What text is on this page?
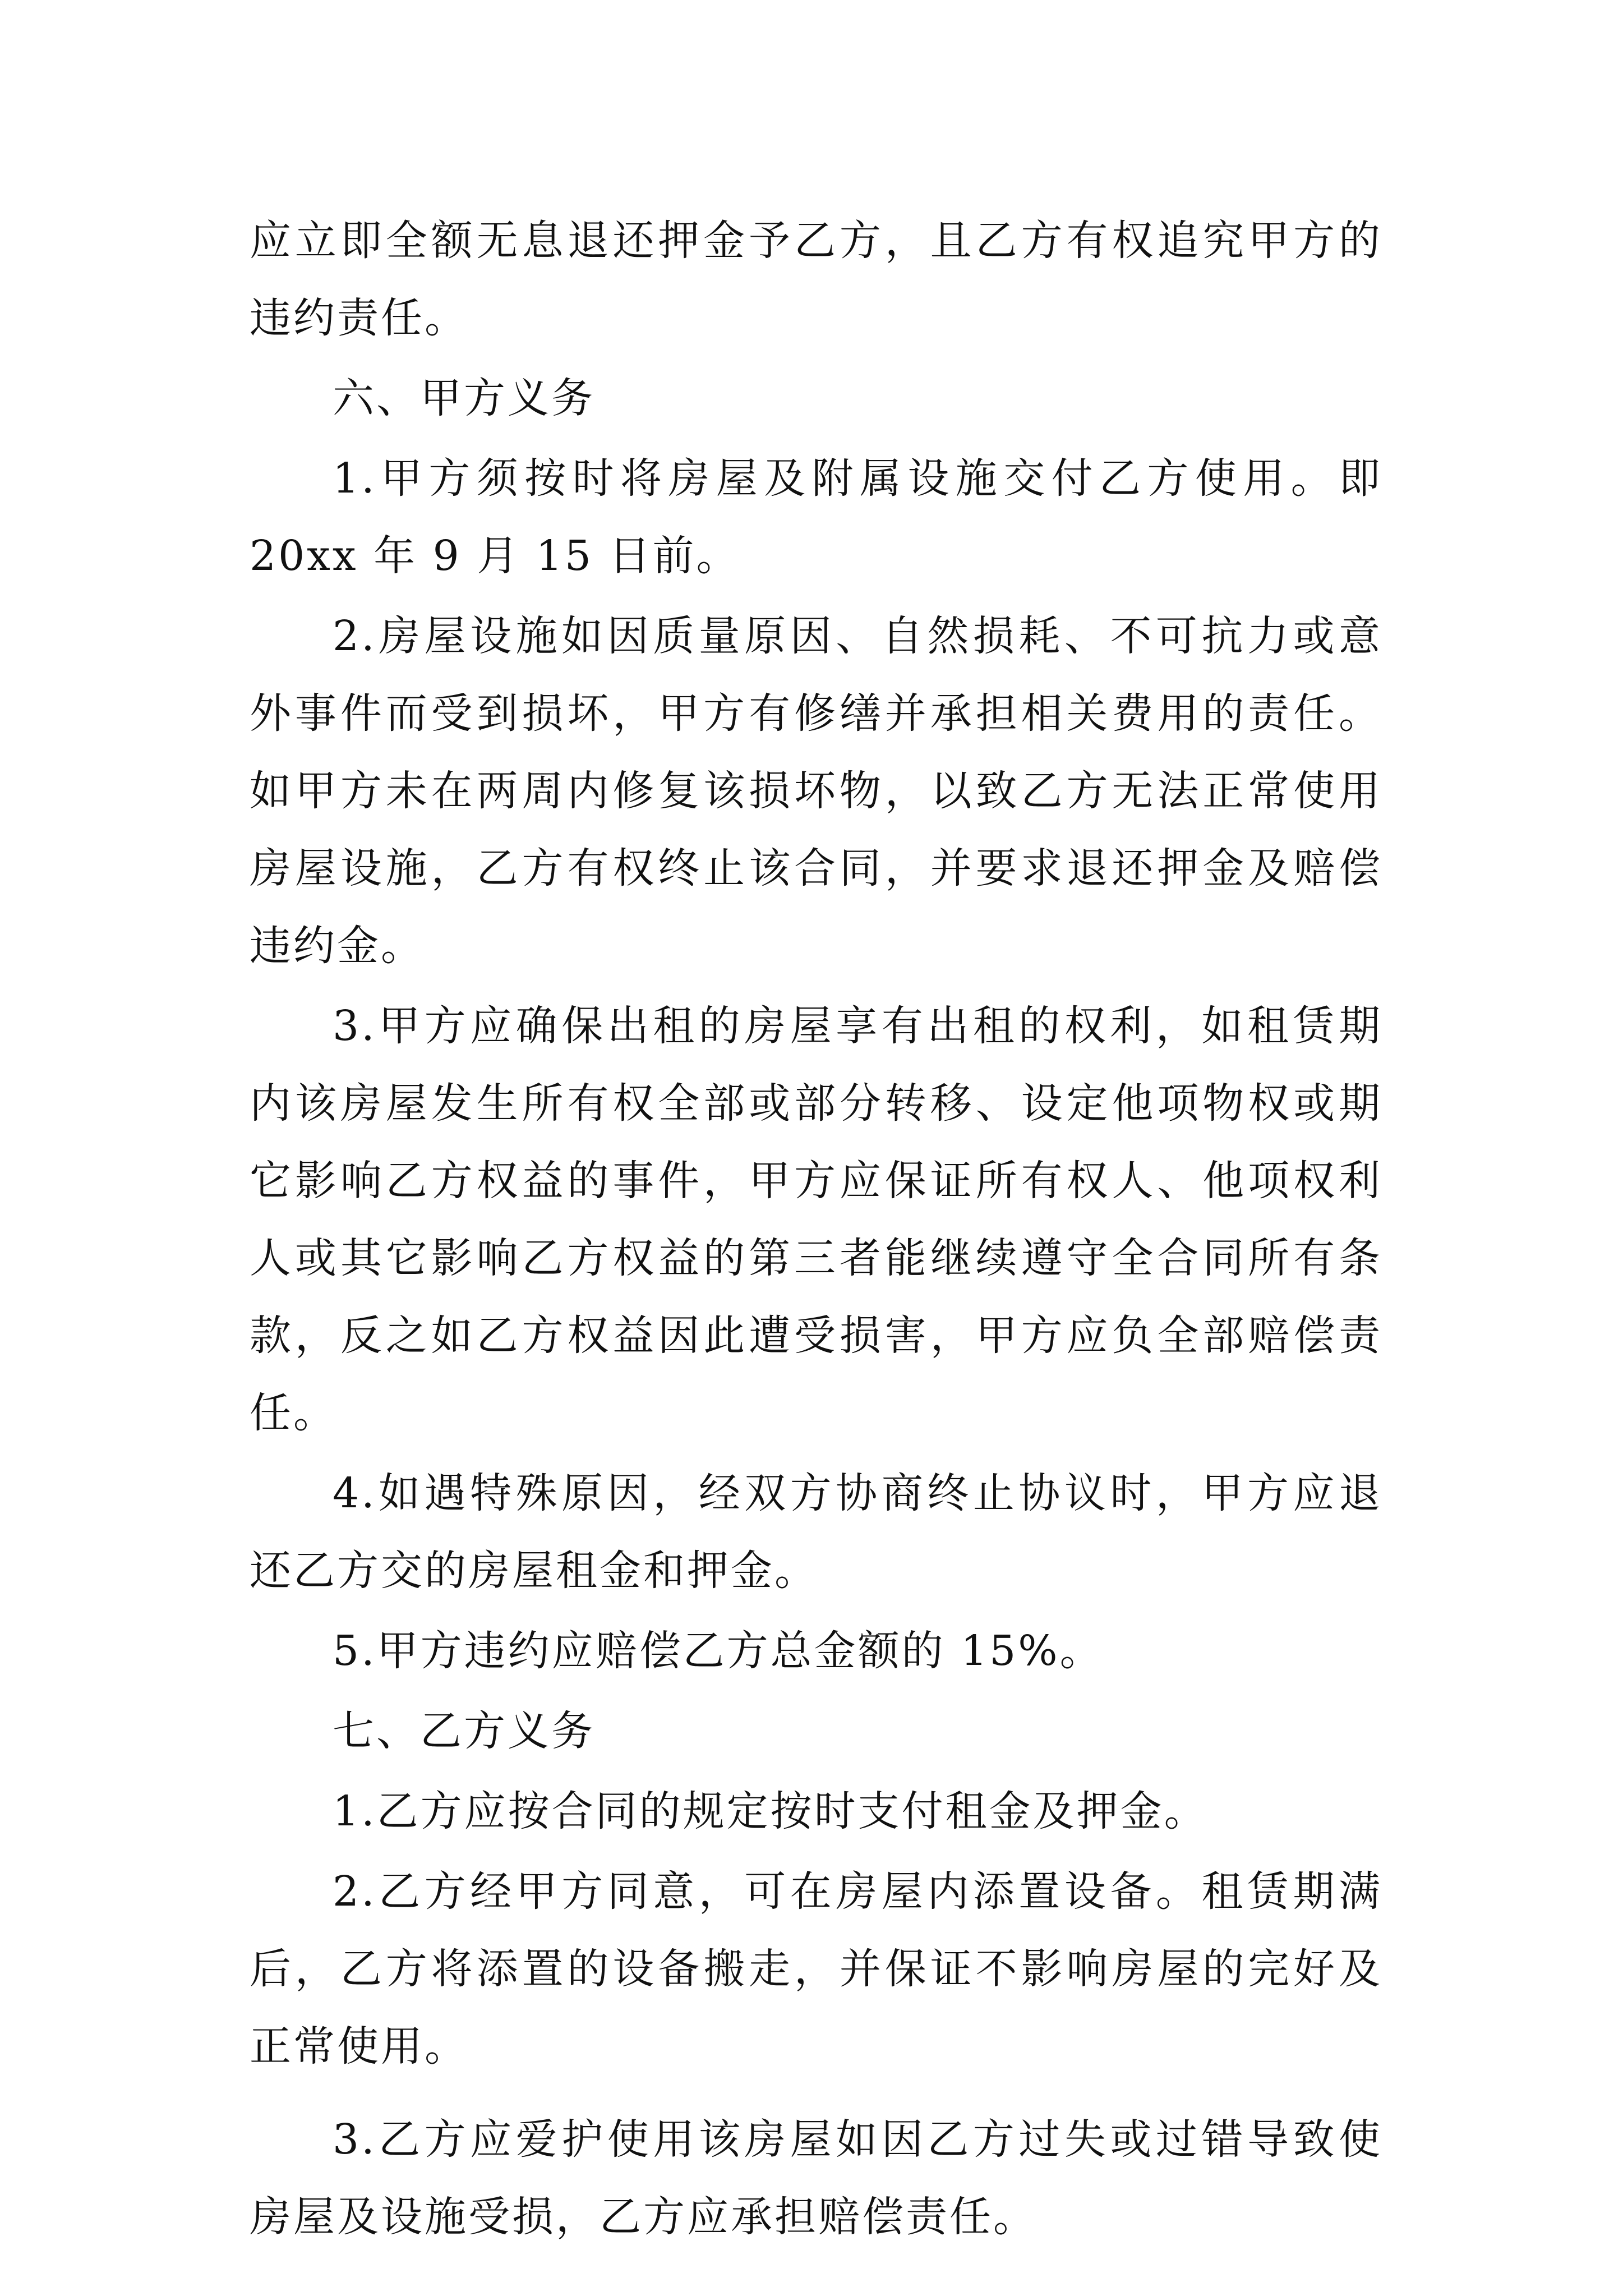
应立即全额无息退还押金予乙方，且乙方有权追究甲方的违约责任。

六、甲方义务

1.甲方须按时将房屋及附属设施交付乙方使用。即 20xx 年 9 月 15 日前。

2.房屋设施如因质量原因、自然损耗、不可抗力或意外事件而受到损坏，甲方有修缮并承担相关费用的责任。如甲方未在两周内修复该损坏物，以致乙方无法正常使用房屋设施，乙方有权终止该合同，并要求退还押金及赔偿违约金。

3.甲方应确保出租的房屋享有出租的权利，如租赁期内该房屋发生所有权全部或部分转移、设定他项物权或期它影响乙方权益的事件，甲方应保证所有权人、他项权利人或其它影响乙方权益的第三者能继续遵守全合同所有条款，反之如乙方权益因此遭受损害，甲方应负全部赔偿责任。

4.如遇特殊原因，经双方协商终止协议时，甲方应退还乙方交的房屋租金和押金。

5.甲方违约应赔偿乙方总金额的 15%。

七、乙方义务

1.乙方应按合同的规定按时支付租金及押金。

2.乙方经甲方同意，可在房屋内添置设备。租赁期满后，乙方将添置的设备搬走，并保证不影响房屋的完好及正常使用。

3.乙方应爱护使用该房屋如因乙方过失或过错导致使房屋及设施受损，乙方应承担赔偿责任。
